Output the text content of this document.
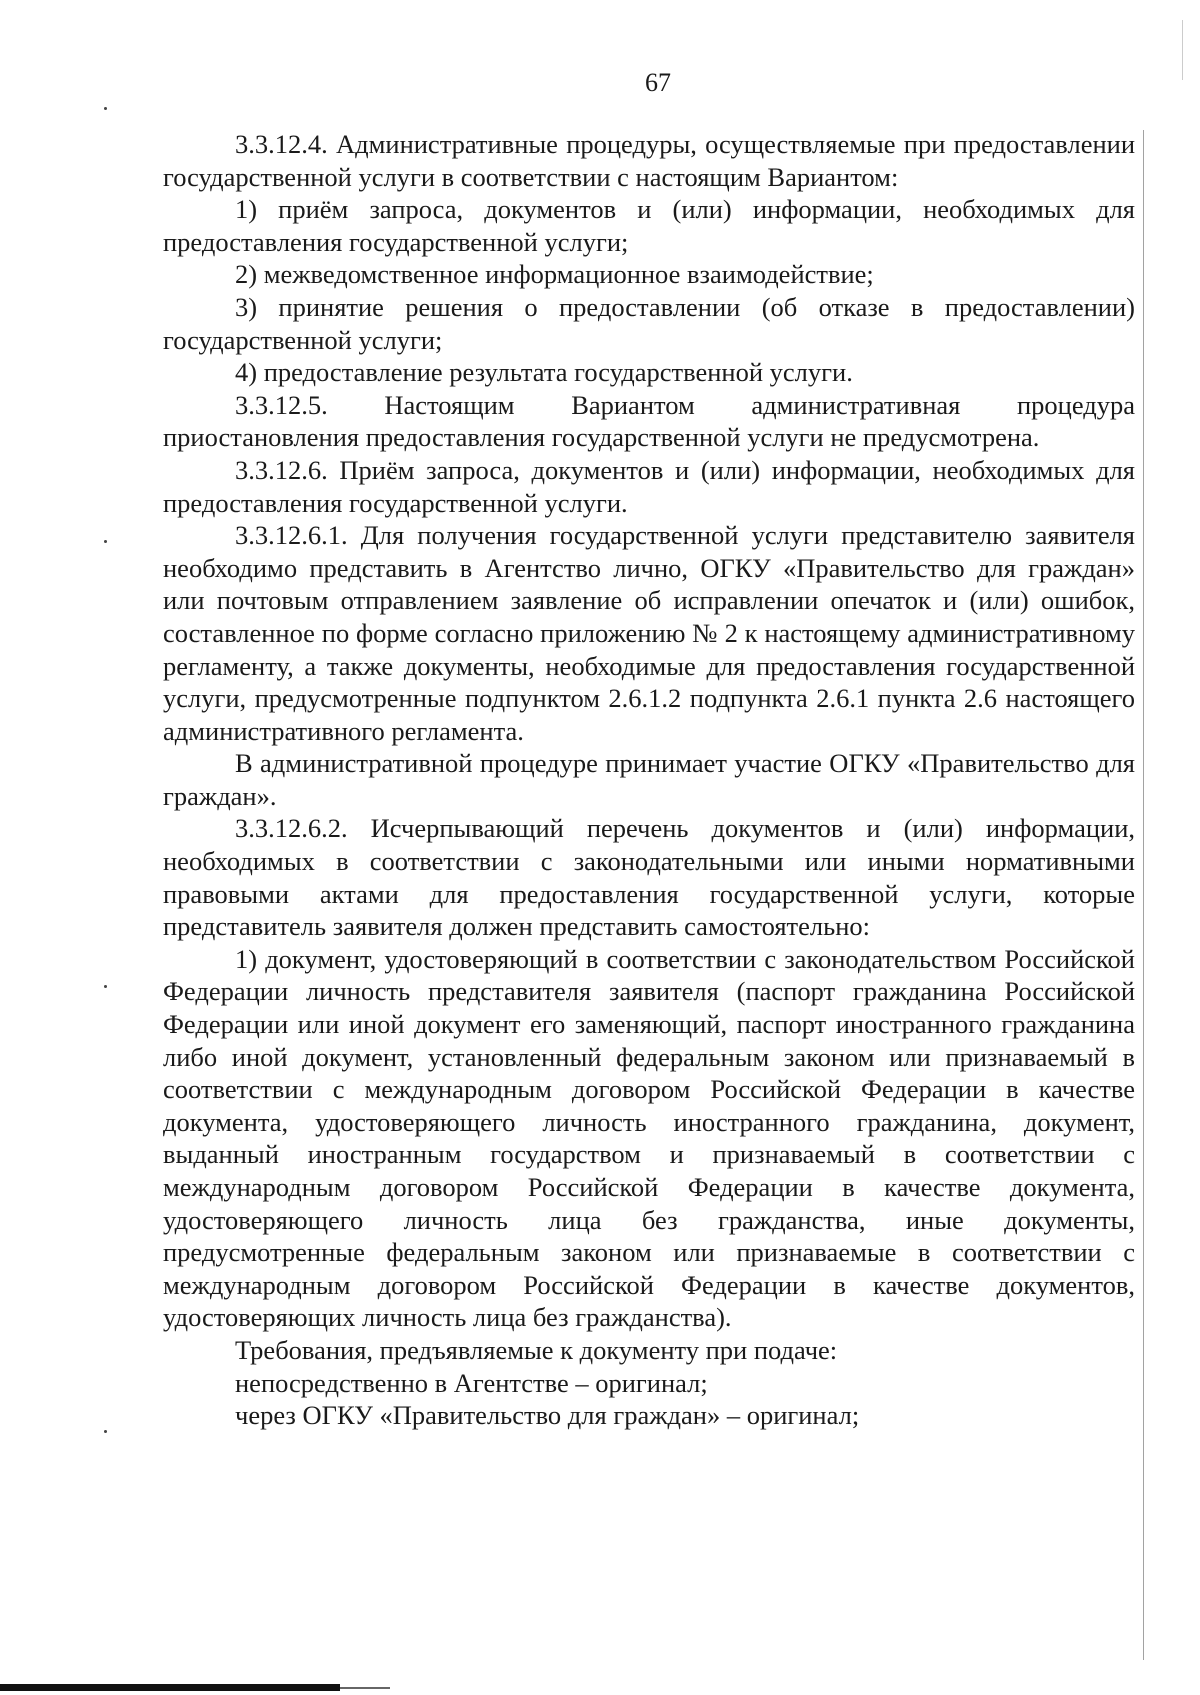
67

3.3.12.4. Административные процедуры, осуществляемые при предоставлении государственной услуги в соответствии с настоящим Вариантом:

1) приём запроса, документов и (или) информации, необходимых для предоставления государственной услуги;

2) межведомственное информационное взаимодействие;

3) принятие решения о предоставлении (об отказе в предоставлении) государственной услуги;

4) предоставление результата государственной услуги.

3.3.12.5. Настоящим Вариантом административная процедура приостановления предоставления государственной услуги не предусмотрена.

3.3.12.6. Приём запроса, документов и (или) информации, необходимых для предоставления государственной услуги.

3.3.12.6.1. Для получения государственной услуги представителю заявителя необходимо представить в Агентство лично, ОГКУ «Правительство для граждан» или почтовым отправлением заявление об исправлении опечаток и (или) ошибок, составленное по форме согласно приложению № 2 к настоящему административному регламенту, а также документы, необходимые для предоставления государственной услуги, предусмотренные подпунктом 2.6.1.2 подпункта 2.6.1 пункта 2.6 настоящего административного регламента.

В административной процедуре принимает участие ОГКУ «Правительство для граждан».

3.3.12.6.2. Исчерпывающий перечень документов и (или) информации, необходимых в соответствии с законодательными или иными нормативными правовыми актами для предоставления государственной услуги, которые представитель заявителя должен представить самостоятельно:

1) документ, удостоверяющий в соответствии с законодательством Российской Федерации личность представителя заявителя (паспорт гражданина Российской Федерации или иной документ его заменяющий, паспорт иностранного гражданина либо иной документ, установленный федеральным законом или признаваемый в соответствии с международным договором Российской Федерации в качестве документа, удостоверяющего личность иностранного гражданина, документ, выданный иностранным государством и признаваемый в соответствии с международным договором Российской Федерации в качестве документа, удостоверяющего личность лица без гражданства, иные документы, предусмотренные федеральным законом или признаваемые в соответствии с международным договором Российской Федерации в качестве документов, удостоверяющих личность лица без гражданства).

Требования, предъявляемые к документу при подаче:

непосредственно в Агентстве – оригинал;

через ОГКУ «Правительство для граждан» – оригинал;
